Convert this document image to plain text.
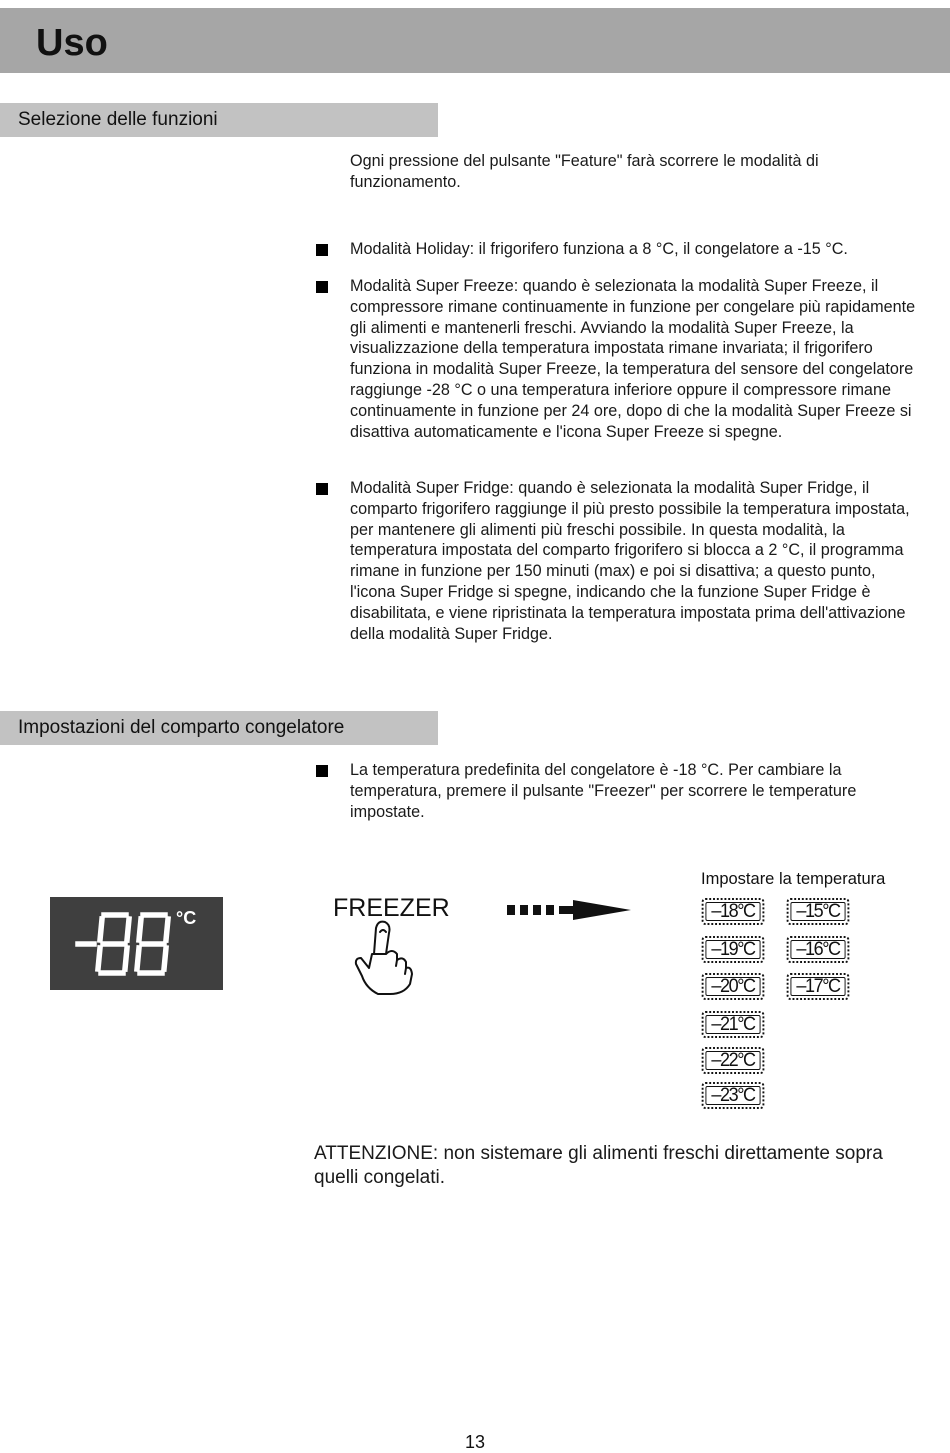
Uso
Selezione delle funzioni
Ogni pressione del pulsante "Feature" farà scorrere le modalità di funzionamento.
Modalità Holiday: il frigorifero funziona a 8 °C, il congelatore a -15 °C.
Modalità Super Freeze: quando è selezionata la modalità Super Freeze, il compressore rimane continuamente in funzione per congelare più rapidamente gli alimenti e mantenerli freschi. Avviando la modalità Super Freeze, la visualizzazione della temperatura impostata rimane invariata; il frigorifero funziona in modalità Super Freeze, la temperatura del sensore del congelatore raggiunge -28 °C o una temperatura inferiore oppure il compressore rimane continuamente in funzione per 24 ore, dopo di che la modalità Super Freeze si disattiva automaticamente e l'icona Super Freeze si spegne.
Modalità Super Fridge: quando è selezionata la modalità Super Fridge, il comparto frigorifero raggiunge il più presto possibile la temperatura impostata, per mantenere gli alimenti più freschi possibile. In questa modalità, la temperatura impostata del comparto frigorifero si blocca a 2 °C, il programma rimane in funzione per 150 minuti (max) e poi si disattiva; a questo punto, l'icona Super Fridge si spegne, indicando che la funzione Super Fridge è disabilitata, e viene ripristinata la temperatura impostata prima dell'attivazione della modalità Super Fridge.
Impostazioni del comparto congelatore
La temperatura predefinita del congelatore è -18 °C. Per cambiare la temperatura, premere il pulsante "Freezer" per scorrere le temperature impostate.
°C	FREEZER
Impostare la temperatura
–18°C
–19°C
–20°C
–21°C
–22°C
–23°C
–15°C
–16°C
–17°C
ATTENZIONE: non sistemare gli alimenti freschi direttamente sopra quelli congelati.
13
